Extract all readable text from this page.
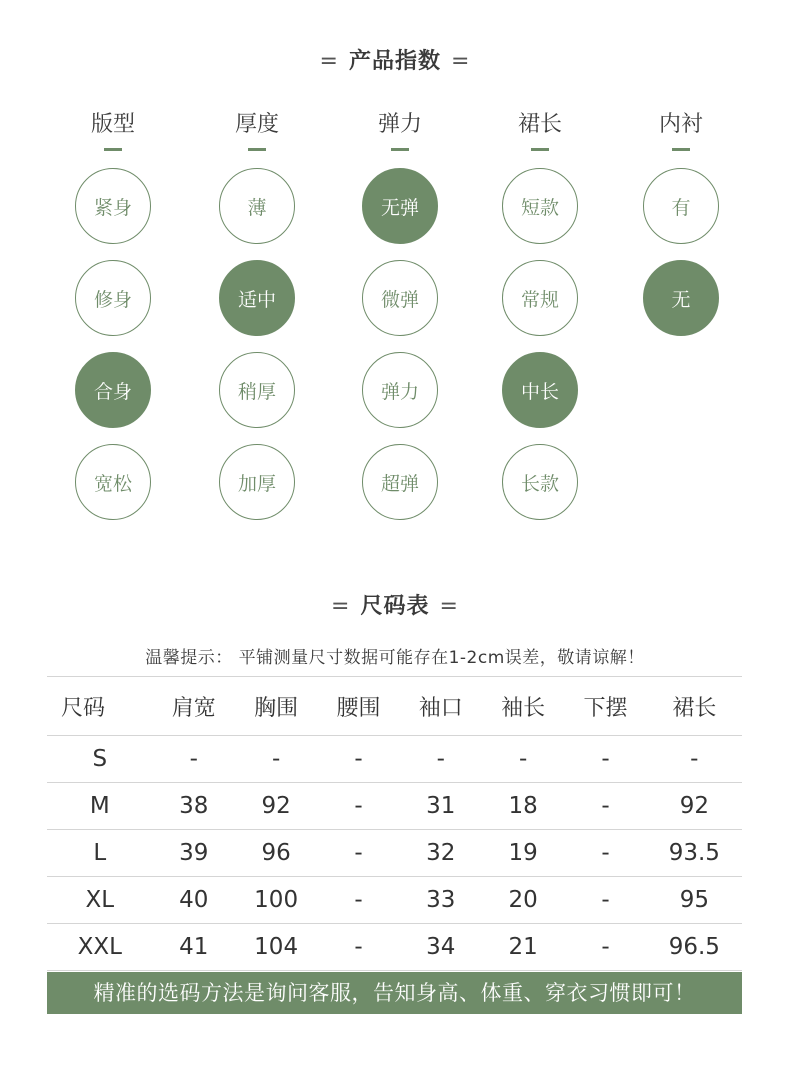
= 产品指数 =
版型
紧身
修身
合身
宽松
厚度
薄
适中
稍厚
加厚
弹力
无弹
微弹
弹力
超弹
裙长
短款
常规
中长
长款
内衬
有
无
= 尺码表 =
温馨提示： 平铺测量尺寸数据可能存在1-2cm误差，敬请谅解！
尺码	肩宽	胸围	腰围	袖口	袖长	下摆	裙长
S	-	-	-	-	-	-	-
M	38	92	-	31	18	-	92
L	39	96	-	32	19	-	93.5
XL	40	100	-	33	20	-	95
XXL	41	104	-	34	21	-	96.5
精准的选码方法是询问客服，告知身高、体重、穿衣习惯即可！
